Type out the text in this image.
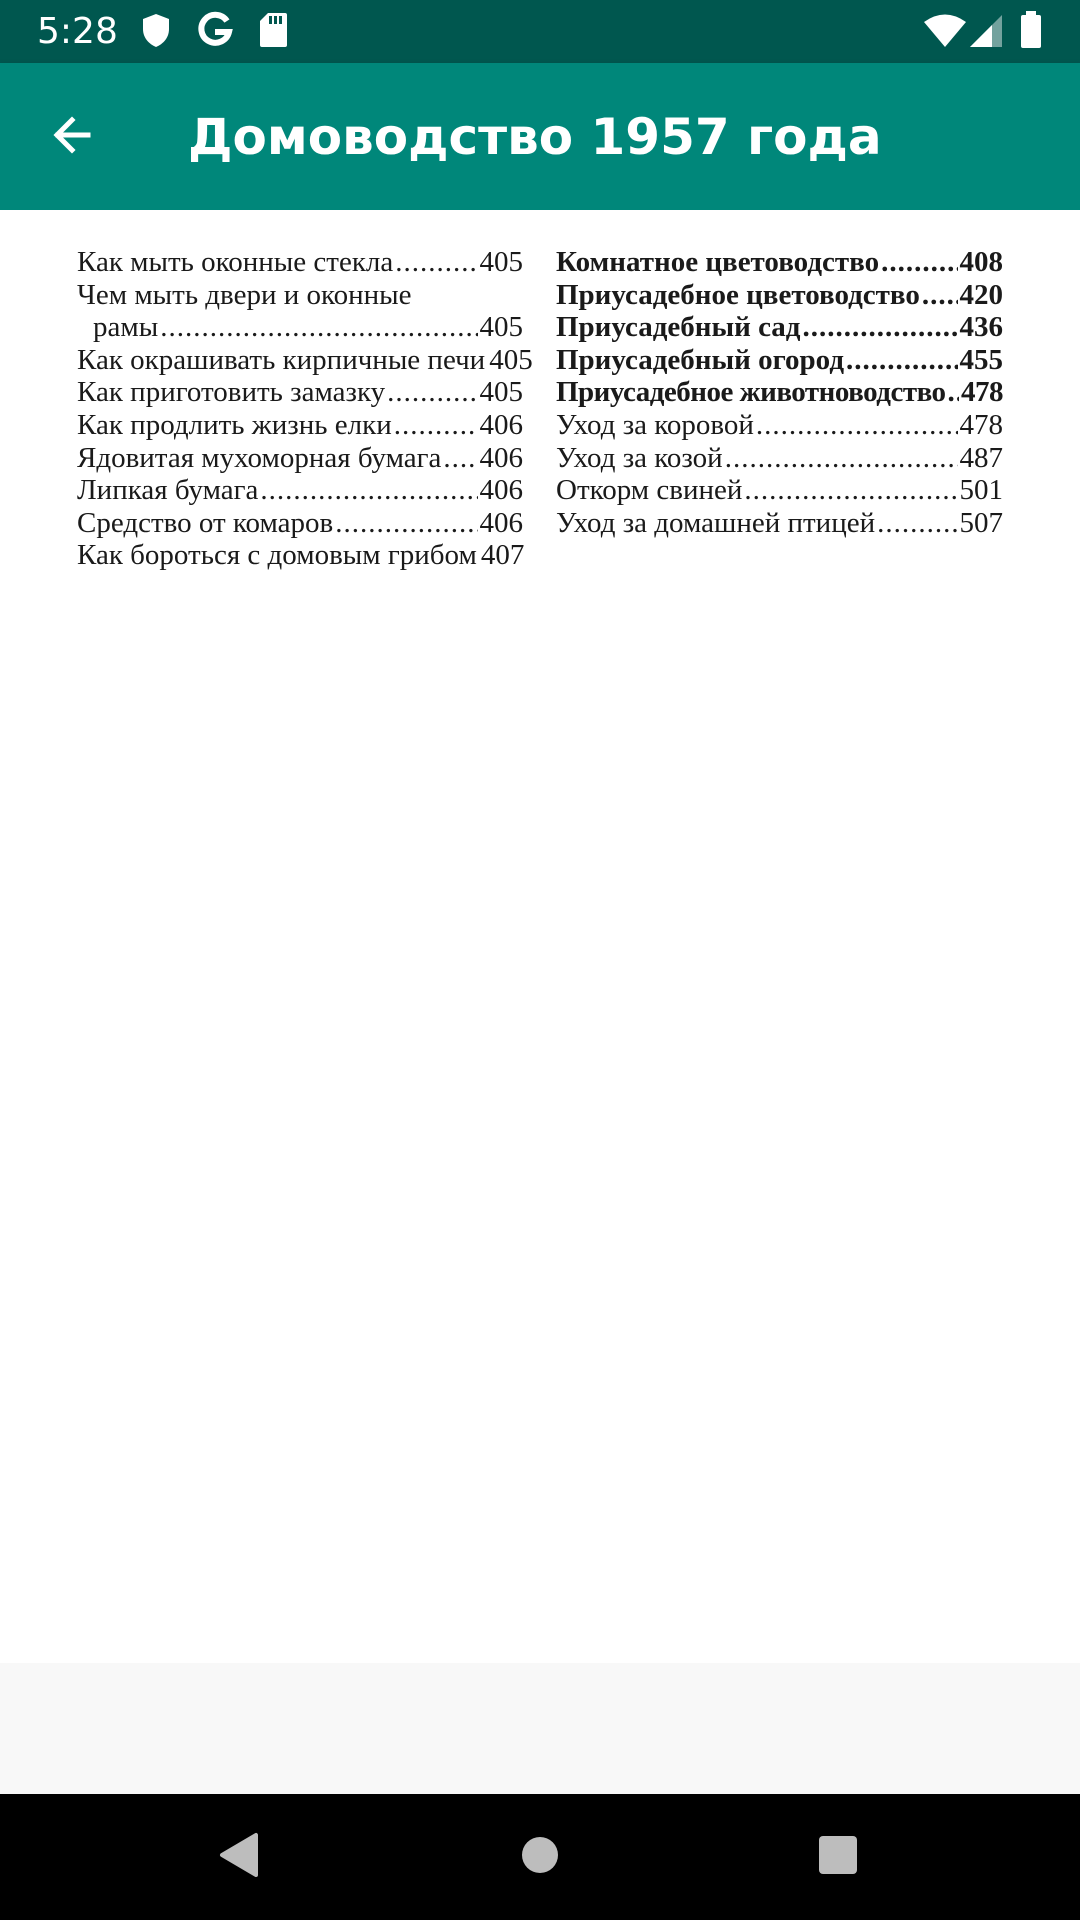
5:28
Домоводство 1957 года
Как мыть оконные стекла .....	405
Чем мыть двери и оконные
рамы .....	405
Как окрашивать кирпичные печи 405
Как приготовить замазку .....	405
Как продлить жизнь елки .....	406
Ядовитая мухоморная бумага ..... 406
Липкая бумага .....	406
Средство от комаров .....	406
Как бороться с домовым грибом 407
Комнатное цветоводство .....	408
Приусадебное цветоводство ..... 420
Приусадебный сад .....	436
Приусадебный огород .....	455
Приусадебное животноводство ..... 478
Уход за коровой .....	478
Уход за козой .....	487
Откорм свиней .....	501
Уход за домашней птицей .....	507
